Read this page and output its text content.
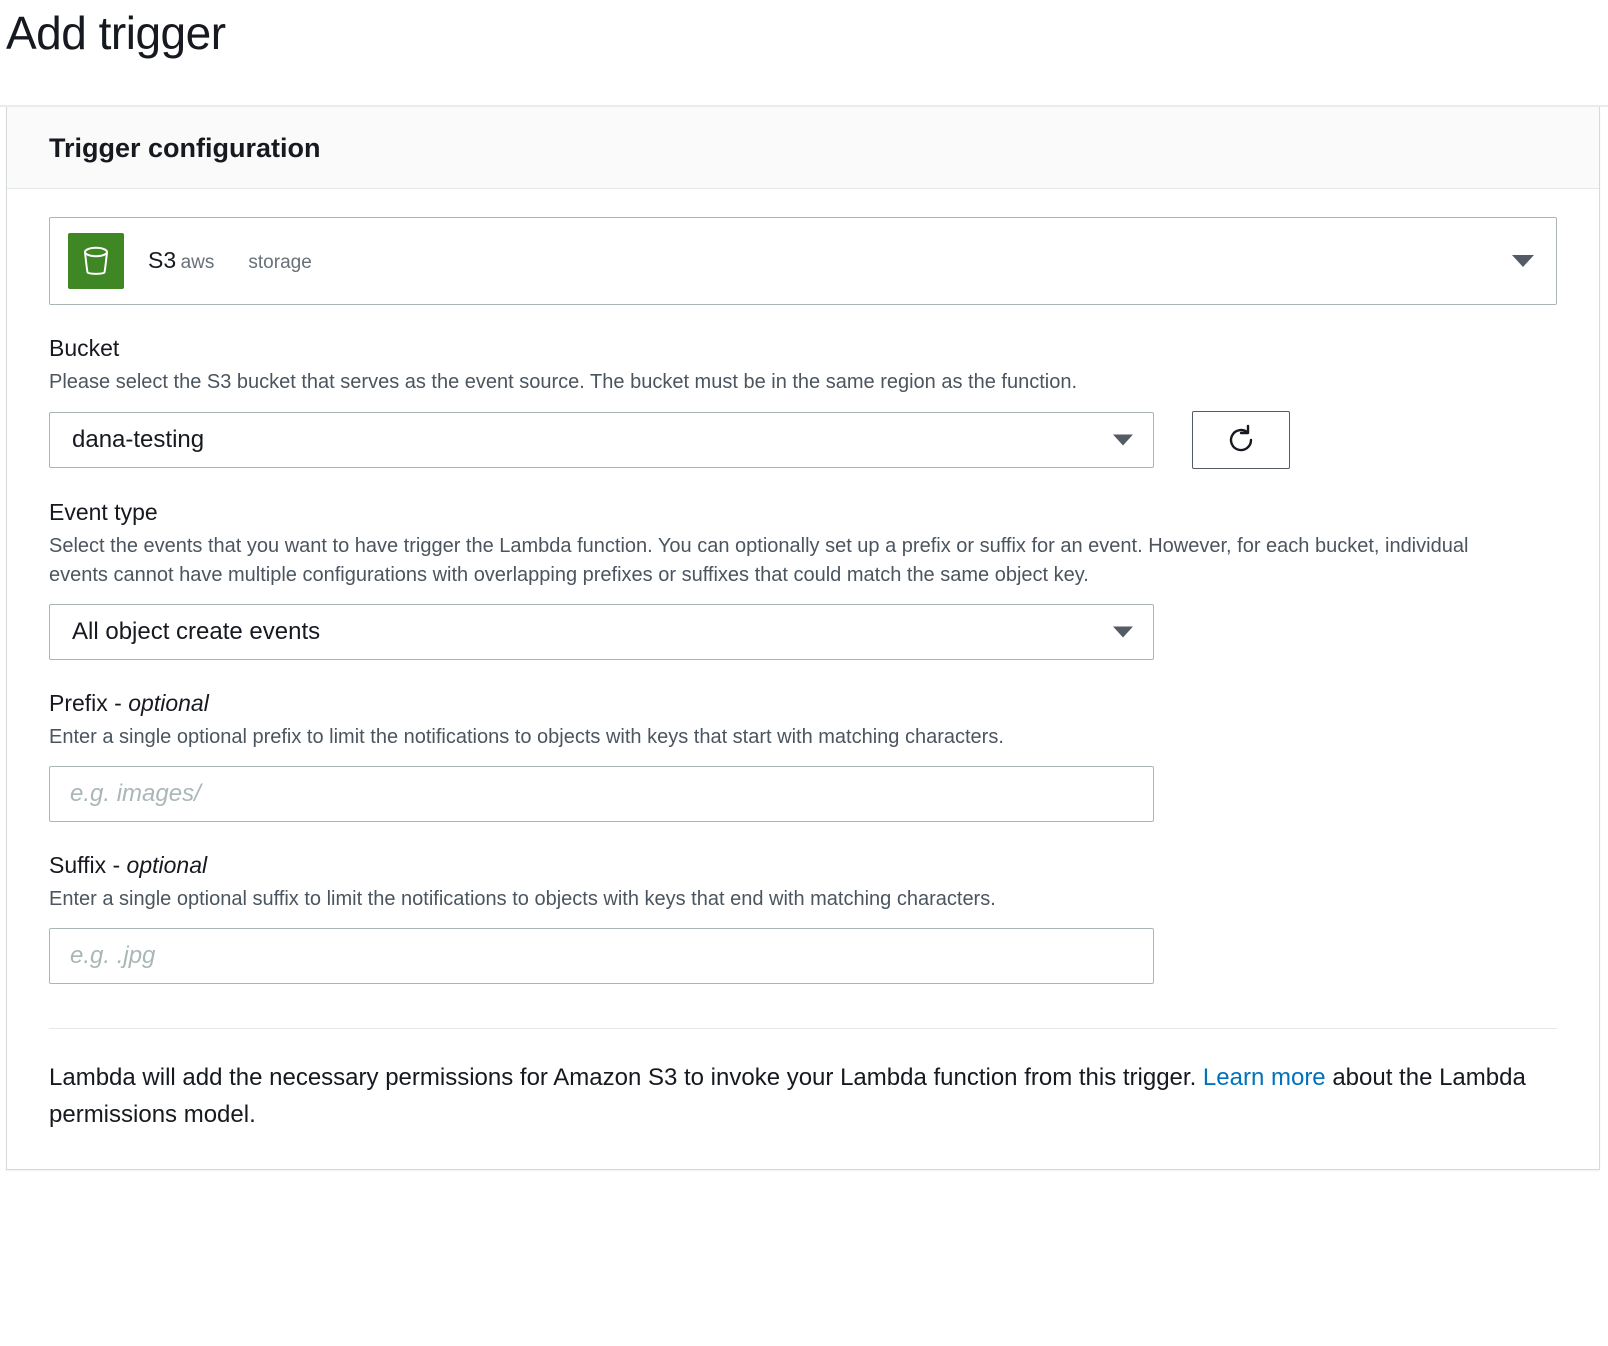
Add trigger
Trigger configuration
S3 aws storage
Bucket
Please select the S3 bucket that serves as the event source. The bucket must be in the same region as the function.
dana-testing
Event type
Select the events that you want to have trigger the Lambda function. You can optionally set up a prefix or suffix for an event. However, for each bucket, individual events cannot have multiple configurations with overlapping prefixes or suffixes that could match the same object key.
All object create events
Prefix - optional
Enter a single optional prefix to limit the notifications to objects with keys that start with matching characters.
e.g. images/
Suffix - optional
Enter a single optional suffix to limit the notifications to objects with keys that end with matching characters.
e.g. .jpg
Lambda will add the necessary permissions for Amazon S3 to invoke your Lambda function from this trigger. Learn more about the Lambda permissions model.
